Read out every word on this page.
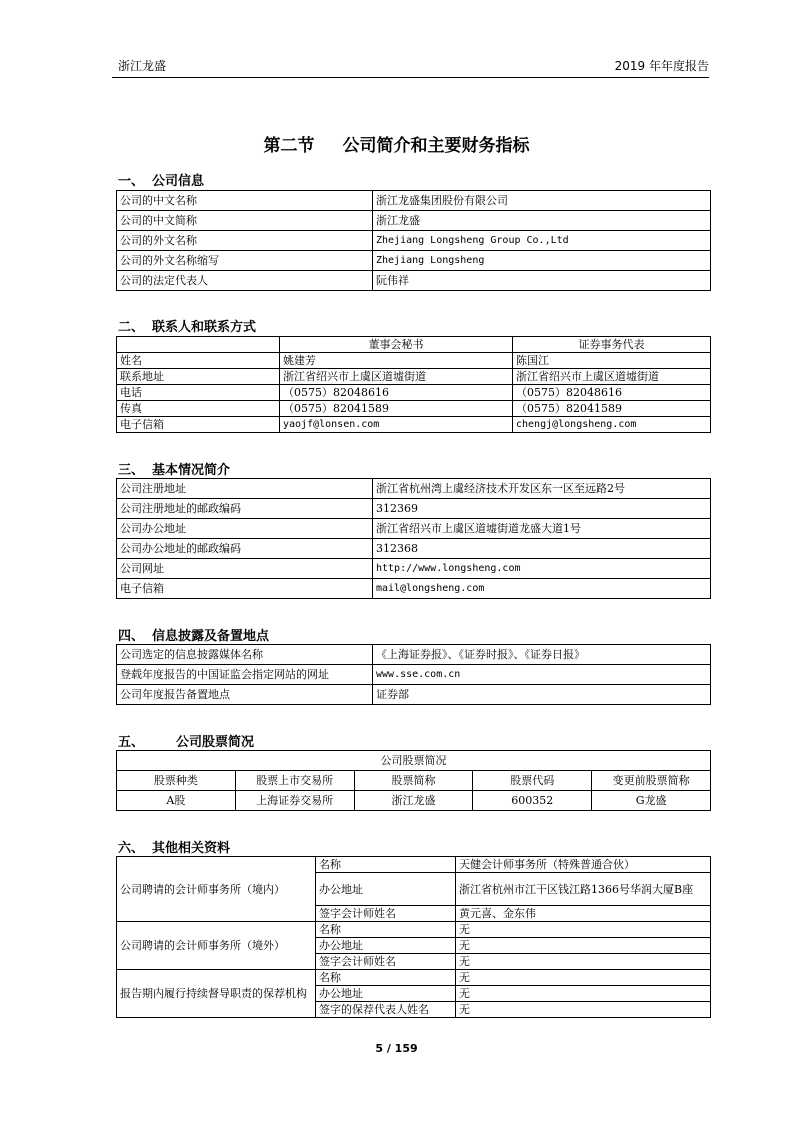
浙江龙盛	2019 年年度报告
第二节 公司简介和主要财务指标
一、 公司信息
公司的中文名称	浙江龙盛集团股份有限公司
公司的中文简称	浙江龙盛
公司的外文名称	Zhejiang Longsheng Group Co.,Ltd
公司的外文名称缩写	Zhejiang Longsheng
公司的法定代表人	阮伟祥
二、 联系人和联系方式
	董事会秘书	证券事务代表
姓名	姚建芳	陈国江
联系地址	浙江省绍兴市上虞区道墟街道	浙江省绍兴市上虞区道墟街道
电话	（0575）82048616	（0575）82048616
传真	（0575）82041589	（0575）82041589
电子信箱	yaojf@lonsen.com	chengj@longsheng.com
三、 基本情况简介
公司注册地址	浙江省杭州湾上虞经济技术开发区东一区至远路2号
公司注册地址的邮政编码	312369
公司办公地址	浙江省绍兴市上虞区道墟街道龙盛大道1号
公司办公地址的邮政编码	312368
公司网址	http://www.longsheng.com
电子信箱	mail@longsheng.com
四、 信息披露及备置地点
公司选定的信息披露媒体名称	《上海证券报》、《证券时报》、《证券日报》
登载年度报告的中国证监会指定网站的网址	www.sse.com.cn
公司年度报告备置地点	证券部
五、 公司股票简况
公司股票简况				
股票种类	股票上市交易所	股票简称	股票代码	变更前股票简称
A股	上海证券交易所	浙江龙盛	600352	G龙盛
六、 其他相关资料
公司聘请的会计师事务所（境内）	名称	天健会计师事务所（特殊普通合伙）
	办公地址	浙江省杭州市江干区钱江路1366号华润大厦B座
	签字会计师姓名	黄元喜、金东伟
公司聘请的会计师事务所（境外）	名称	无
	办公地址	无
	签字会计师姓名	无
报告期内履行持续督导职责的保荐机构	名称	无
	办公地址	无
	签字的保荐代表人姓名	无
5 / 159
